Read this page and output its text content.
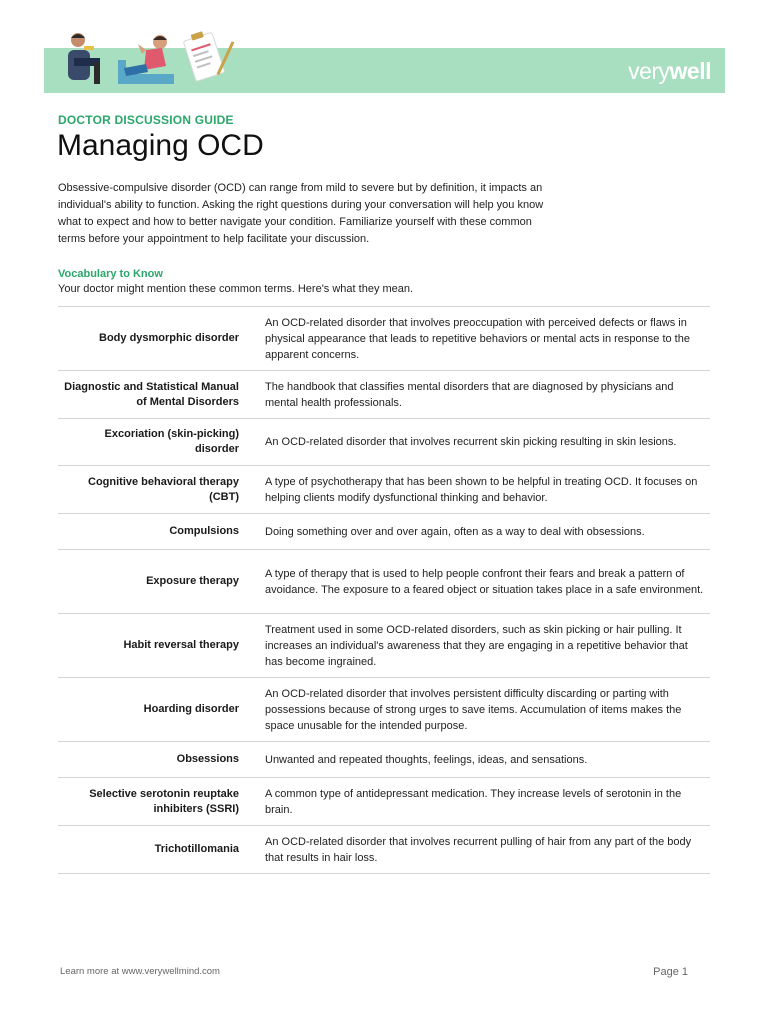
verywell
DOCTOR DISCUSSION GUIDE
Managing OCD

Obsessive-compulsive disorder (OCD) can range from mild to severe but by definition, it impacts an individual's ability to function. Asking the right questions during your conversation will help you know what to expect and how to better navigate your condition. Familiarize yourself with these common terms before your appointment to help facilitate your discussion.

Vocabulary to Know

Your doctor might mention these common terms. Here's what they mean.

Body dysmorphic disorder
An OCD-related disorder that involves preoccupation with perceived defects or flaws in physical appearance that leads to repetitive behaviors or mental acts in response to the apparent concerns.
Diagnostic and Statistical Manual of Mental Disorders
The handbook that classifies mental disorders that are diagnosed by physicians and mental health professionals.
Excoriation (skin-picking) disorder
An OCD-related disorder that involves recurrent skin picking resulting in skin lesions.
Cognitive behavioral therapy (CBT)
A type of psychotherapy that has been shown to be helpful in treating OCD. It focuses on helping clients modify dysfunctional thinking and behavior.
Compulsions Doing something over and over again, often as a way to deal with obsessions.
Exposure therapy
A type of therapy that is used to help people confront their fears and break a pattern of avoidance. The exposure to a feared object or situation takes place in a safe environment.
Habit reversal therapy
Treatment used in some OCD-related disorders, such as skin picking or hair pulling. It increases an individual's awareness that they are engaging in a repetitive behavior that has become ingrained.
Hoarding disorder
An OCD-related disorder that involves persistent difficulty discarding or parting with possessions because of strong urges to save items. Accumulation of items makes the space unusable for the intended purpose.
Obsessions Unwanted and repeated thoughts, feelings, ideas, and sensations.
Selective serotonin reuptake inhibiters (SSRI)
A common type of antidepressant medication. They increase levels of serotonin in the brain.
Trichotillomania
An OCD-related disorder that involves recurrent pulling of hair from any part of the body that results in hair loss.
Learn more at www.verywellmind.com	Page 1
